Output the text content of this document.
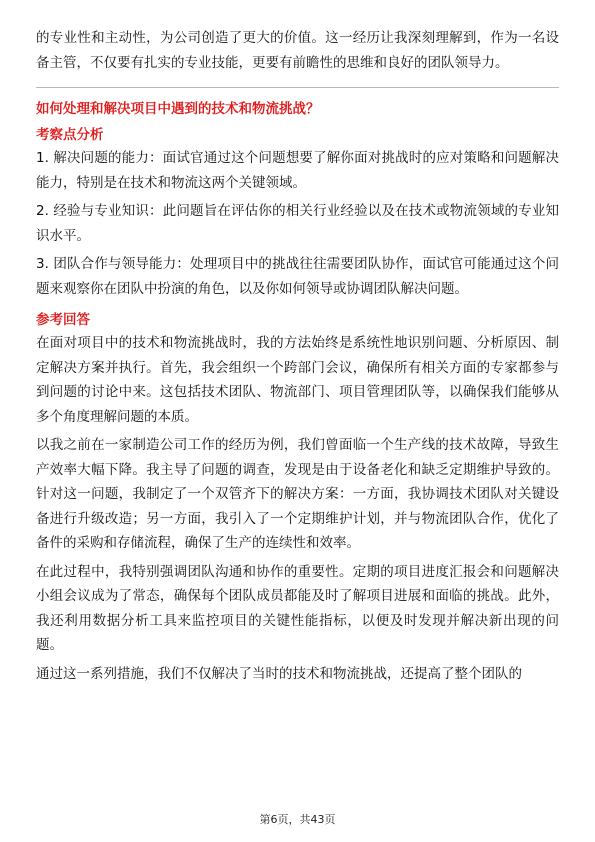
的专业性和主动性，为公司创造了更大的价值。这一经历让我深刻理解到，作为一名设备主管，不仅要有扎实的专业技能，更要有前瞻性的思维和良好的团队领导力。

如何处理和解决项目中遇到的技术和物流挑战？

考察点分析

1. 解决问题的能力：面试官通过这个问题想要了解你面对挑战时的应对策略和问题解决能力，特别是在技术和物流这两个关键领域。

2. 经验与专业知识：此问题旨在评估你的相关行业经验以及在技术或物流领域的专业知识水平。

3. 团队合作与领导能力：处理项目中的挑战往往需要团队协作，面试官可能通过这个问题来观察你在团队中扮演的角色，以及你如何领导或协调团队解决问题。

参考回答

在面对项目中的技术和物流挑战时，我的方法始终是系统性地识别问题、分析原因、制定解决方案并执行。首先，我会组织一个跨部门会议，确保所有相关方面的专家都参与到问题的讨论中来。这包括技术团队、物流部门、项目管理团队等，以确保我们能够从多个角度理解问题的本质。

以我之前在一家制造公司工作的经历为例，我们曾面临一个生产线的技术故障，导致生产效率大幅下降。我主导了问题的调查，发现是由于设备老化和缺乏定期维护导致的。针对这一问题，我制定了一个双管齐下的解决方案：一方面，我协调技术团队对关键设备进行升级改造；另一方面，我引入了一个定期维护计划，并与物流团队合作，优化了备件的采购和存储流程，确保了生产的连续性和效率。

在此过程中，我特别强调团队沟通和协作的重要性。定期的项目进度汇报会和问题解决小组会议成为了常态，确保每个团队成员都能及时了解项目进展和面临的挑战。此外，我还利用数据分析工具来监控项目的关键性能指标，以便及时发现并解决新出现的问题。

通过这一系列措施，我们不仅解决了当时的技术和物流挑战，还提高了整个团队的

第6页，共43页
